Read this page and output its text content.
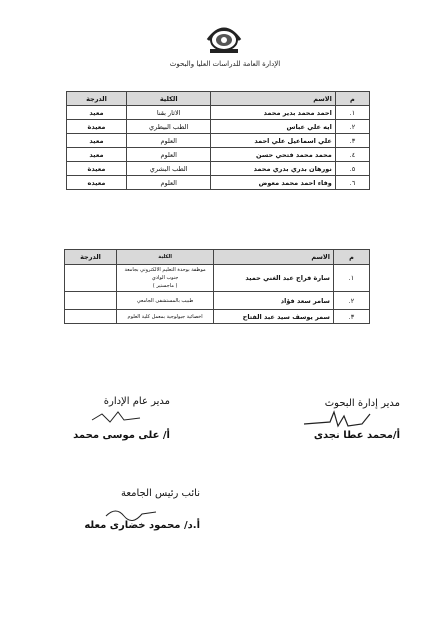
الإدارة العامة للدراسات العليا والبحوث
م	الاسم	الكلية	الدرجة
١.	احمد محمد بدير محمد	الاثار بقنا	معيد
٢.	ايه علي عباس	الطب البيطري	معيدة
٣.	علي اسماعيل علي احمد	العلوم	معيد
٤.	محمد محمد فتحي حسن	العلوم	معيد
٥.	نورهان بدري بدري محمد	الطب البشري	معيدة
٦.	وفاء احمد محمد معوض	العلوم	معيده
م	الاسم	الكلية	الدرجة
١.	سارة فراج عبد الغني حميد	موظفة بوحدة التعليم الالكتروني بجامعة جنوب الوادي
( ماجستير )	

٢.	سامر سعد فؤاد	طبيب بالمستشفى الجامعي	
٣.	سمر يوسف سيد عبد الفتاح	اخصائية جيولوجية بمعمل كلية العلوم	
مدير إدارة البحوث
أ/محمد عطا نجدى
مدير عام الإدارة
أ/ على موسى محمد
نائب رئيس الجامعة
أ.د/ محمود خضارى معله
